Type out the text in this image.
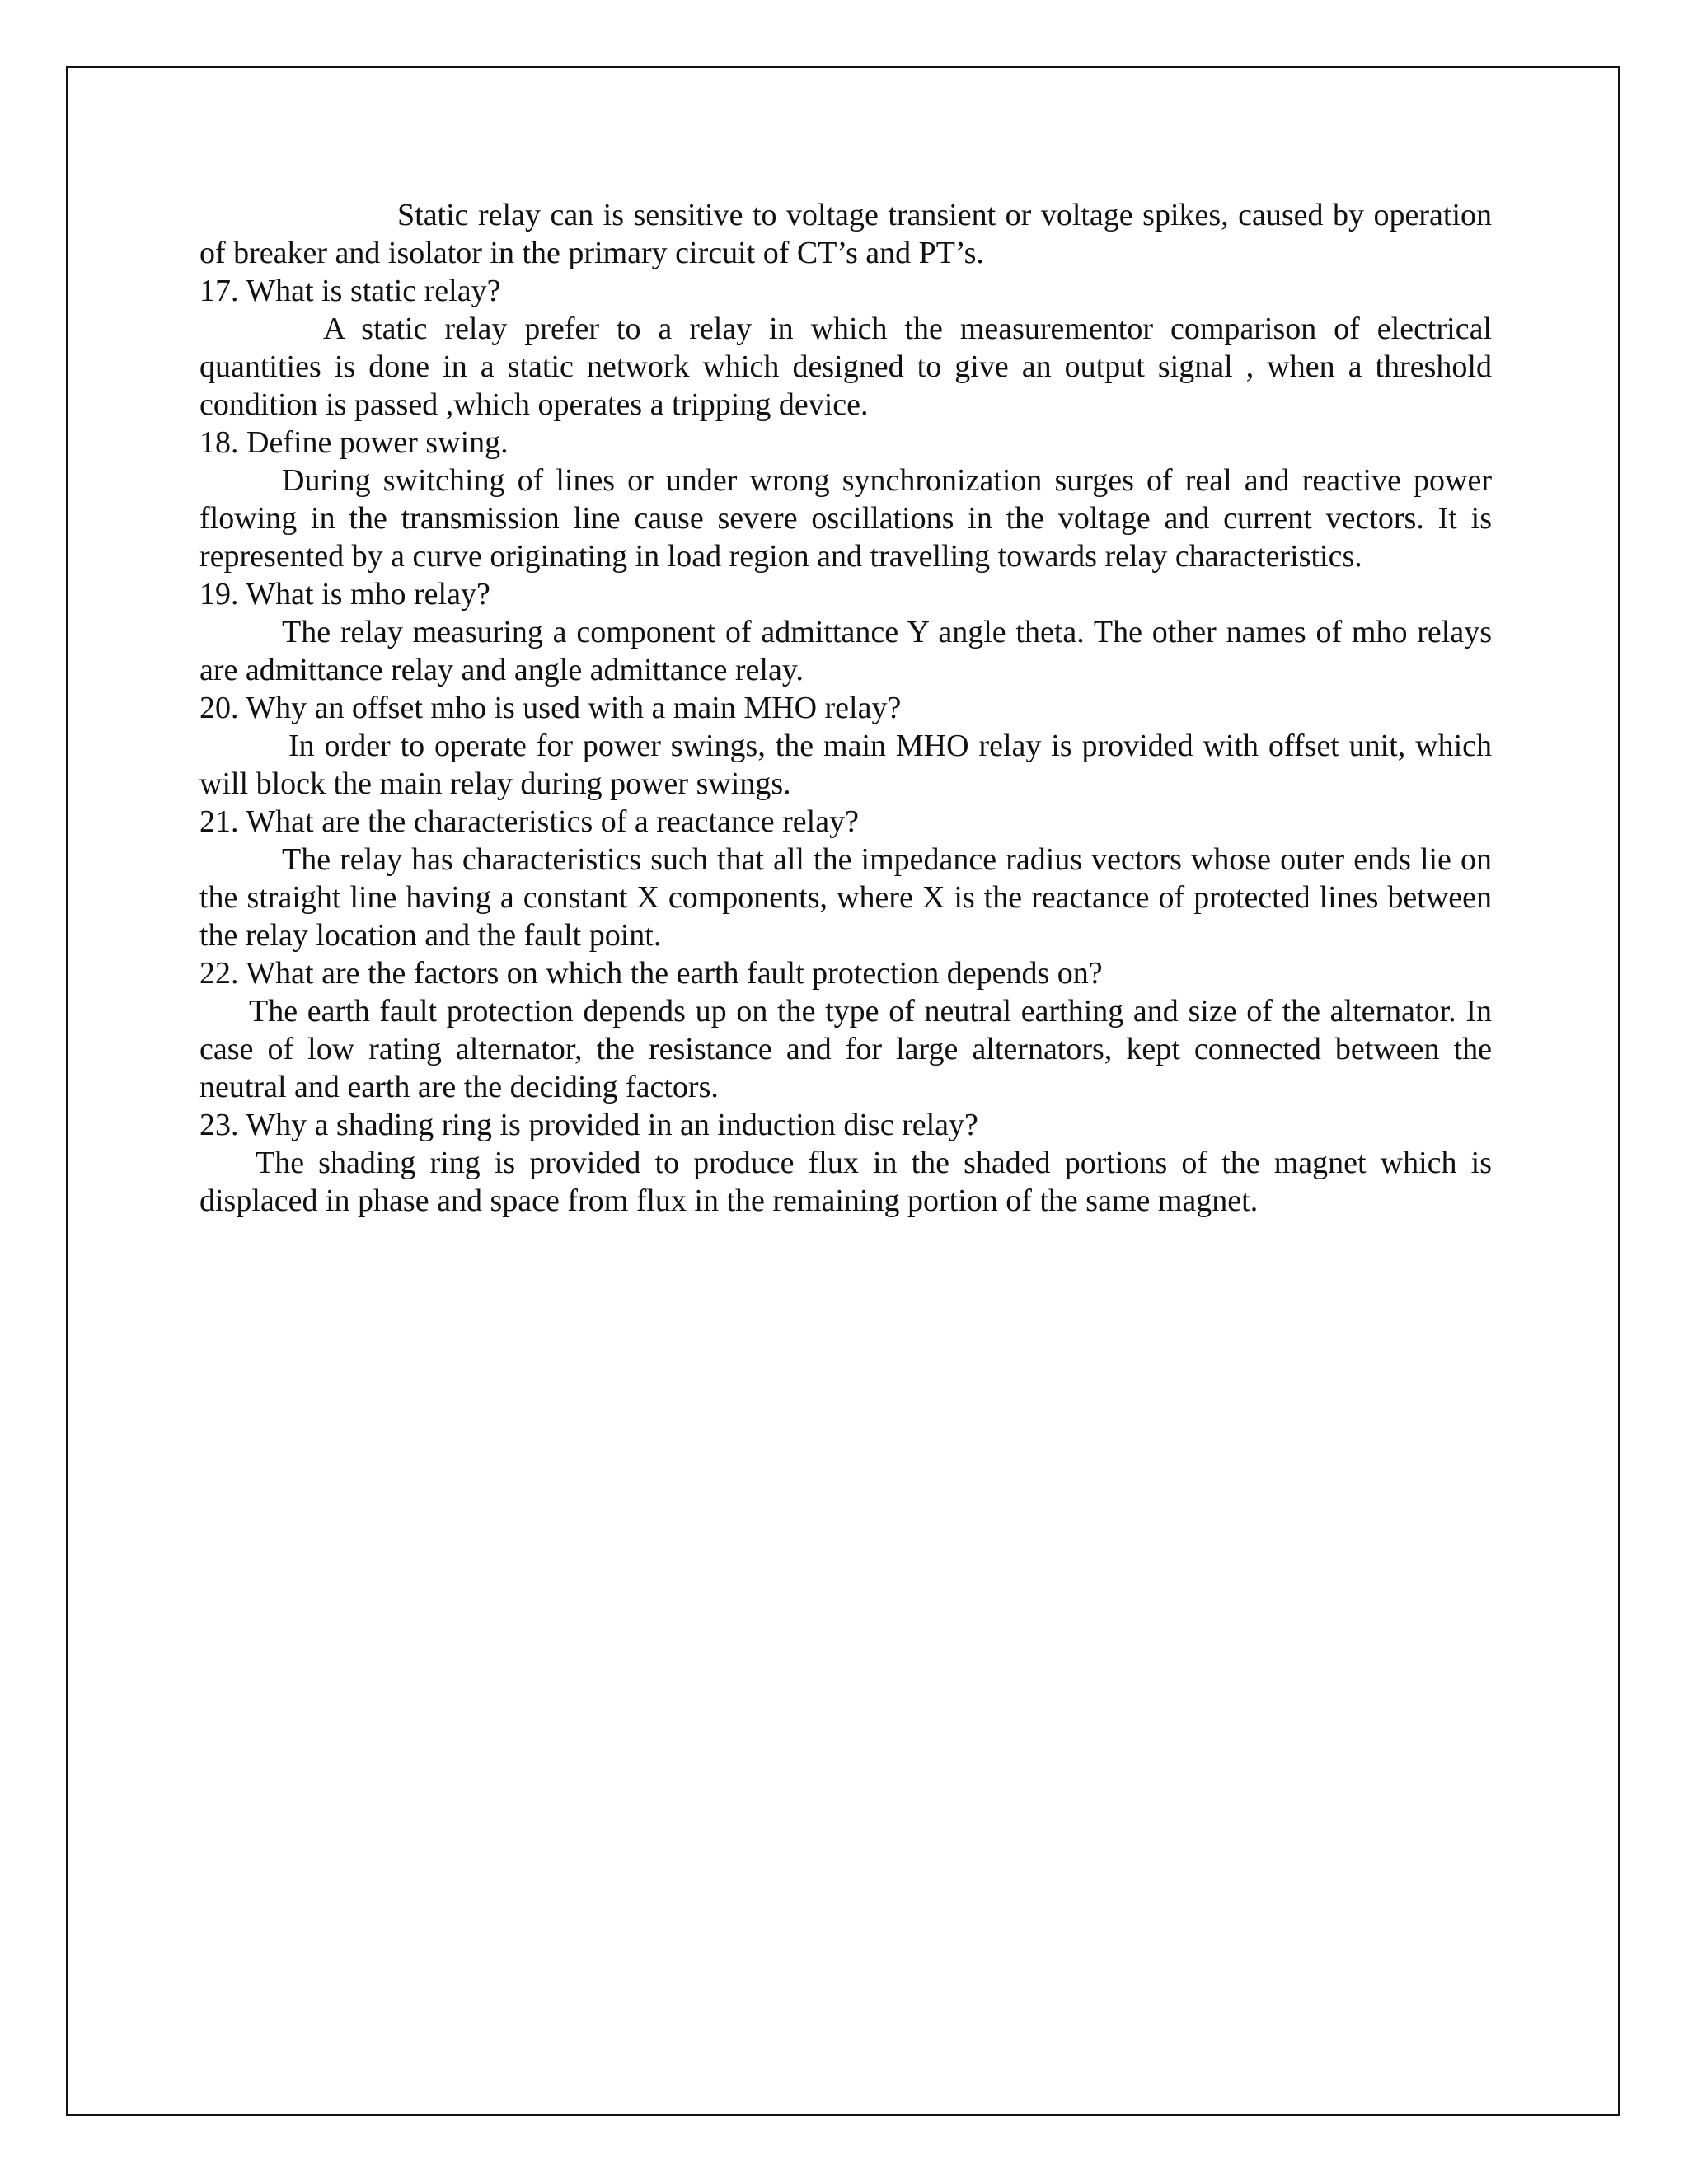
Static relay can is sensitive to voltage transient or voltage spikes, caused by operation of breaker and isolator in the primary circuit of CT’s and PT’s.

17. What is static relay?

A static relay prefer to a relay in which the measurementor comparison of electrical quantities is done in a static network which designed to give an output signal , when a threshold condition is passed ,which operates a tripping device.

18. Define power swing.

During switching of lines or under wrong synchronization surges of real and reactive power flowing in the transmission line cause severe oscillations in the voltage and current vectors. It is represented by a curve originating in load region and travelling towards relay characteristics.

19. What is mho relay?

The relay measuring a component of admittance Y angle theta. The other names of mho relays are admittance relay and angle admittance relay.

20. Why an offset mho is used with a main MHO relay?

In order to operate for power swings, the main MHO relay is provided with offset unit, which will block the main relay during power swings.

21. What are the characteristics of a reactance relay?

The relay has characteristics such that all the impedance radius vectors whose outer ends lie on the straight line having a constant X components, where X is the reactance of protected lines between the relay location and the fault point.

22. What are the factors on which the earth fault protection depends on?

The earth fault protection depends up on the type of neutral earthing and size of the alternator. In case of low rating alternator, the resistance and for large alternators, kept connected between the neutral and earth are the deciding factors.

23. Why a shading ring is provided in an induction disc relay?

The shading ring is provided to produce flux in the shaded portions of the magnet which is displaced in phase and space from flux in the remaining portion of the same magnet.
